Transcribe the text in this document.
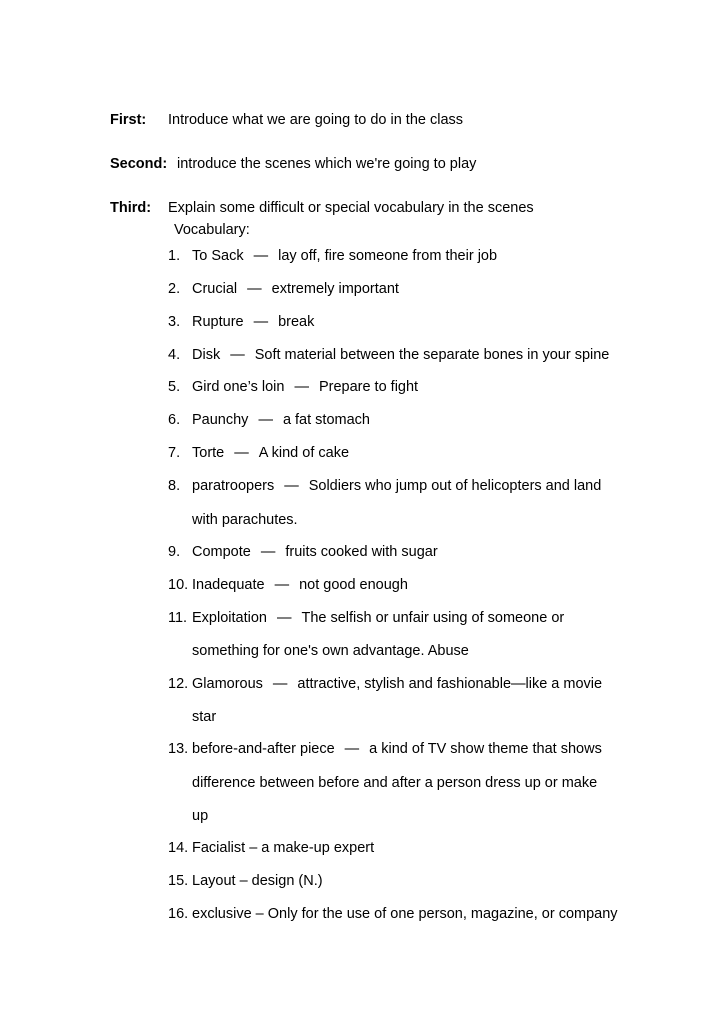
First: Introduce what we are going to do in the class
Second: introduce the scenes which we're going to play
Third: Explain some difficult or special vocabulary in the scenes
Vocabulary:
1. To Sack — lay off, fire someone from their job
2. Crucial — extremely important
3. Rupture — break
4. Disk — Soft material between the separate bones in your spine
5. Gird one’s loin — Prepare to fight
6. Paunchy — a fat stomach
7. Torte — A kind of cake
8. paratroopers — Soldiers who jump out of helicopters and land
with parachutes.
9. Compote — fruits cooked with sugar
10. Inadequate — not good enough
11. Exploitation — The selfish or unfair using of someone or
something for one's own advantage. Abuse
12. Glamorous — attractive, stylish and fashionable—like a movie
star
13. before-and-after piece — a kind of TV show theme that shows
difference between before and after a person dress up or make
up
14. Facialist – a make-up expert
15. Layout – design (N.)
16. exclusive – Only for the use of one person, magazine, or company
